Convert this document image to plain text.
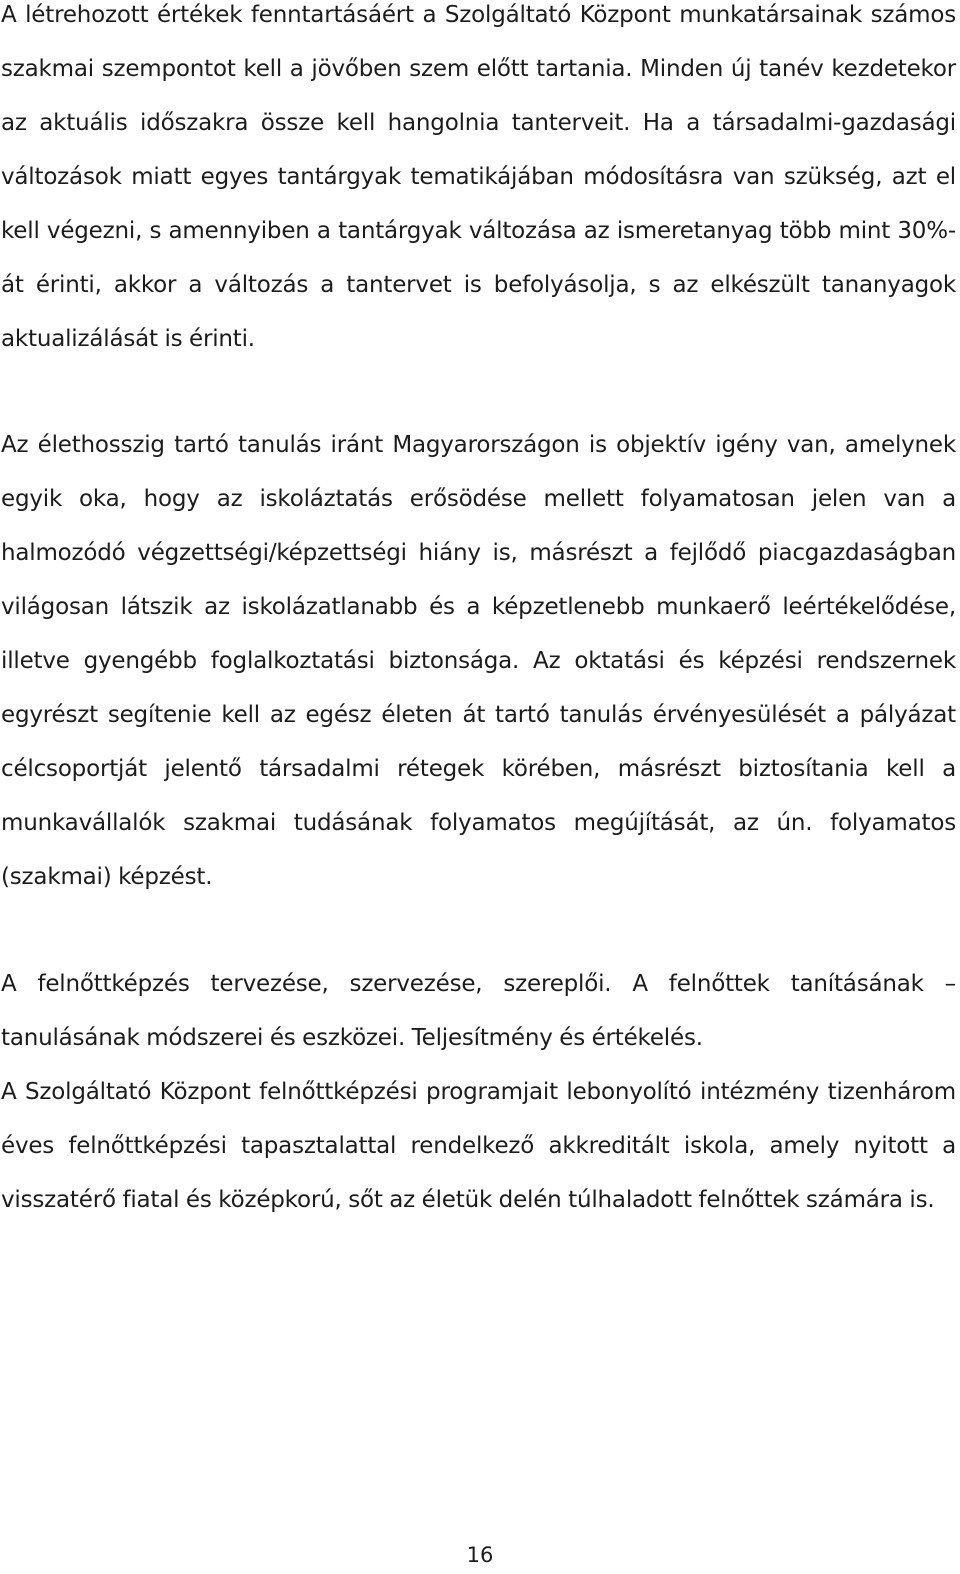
A létrehozott értékek fenntartásáért a Szolgáltató Központ munkatársainak számos szakmai szempontot kell a jövőben szem előtt tartania. Minden új tanév kezdetekor az aktuális időszakra össze kell hangolnia tanterveit. Ha a társadalmi-gazdasági változások miatt egyes tantárgyak tematikájában módosításra van szükség, azt el kell végezni, s amennyiben a tantárgyak változása az ismeretanyag több mint 30%-át érinti, akkor a változás a tantervet is befolyásolja, s az elkészült tananyagok aktualizálását is érinti.

Az élethosszig tartó tanulás iránt Magyarországon is objektív igény van, amelynek egyik oka, hogy az iskoláztatás erősödése mellett folyamatosan jelen van a halmozódó végzettségi/képzettségi hiány is, másrészt a fejlődő piacgazdaságban világosan látszik az iskolázatlanabb és a képzetlenebb munkaerő leértékelődése, illetve gyengébb foglalkoztatási biztonsága. Az oktatási és képzési rendszernek egyrészt segítenie kell az egész életen át tartó tanulás érvényesülését a pályázat célcsoportját jelentő társadalmi rétegek körében, másrészt biztosítania kell a munkavállalók szakmai tudásának folyamatos megújítását, az ún. folyamatos (szakmai) képzést.

A felnőttképzés tervezése, szervezése, szereplői. A felnőttek tanításának – tanulásának módszerei és eszközei. Teljesítmény és értékelés.

A Szolgáltató Központ felnőttképzési programjait lebonyolító intézmény tizenhárom éves felnőttképzési tapasztalattal rendelkező akkreditált iskola, amely nyitott a visszatérő fiatal és középkorú, sőt az életük delén túlhaladott felnőttek számára is.

16
